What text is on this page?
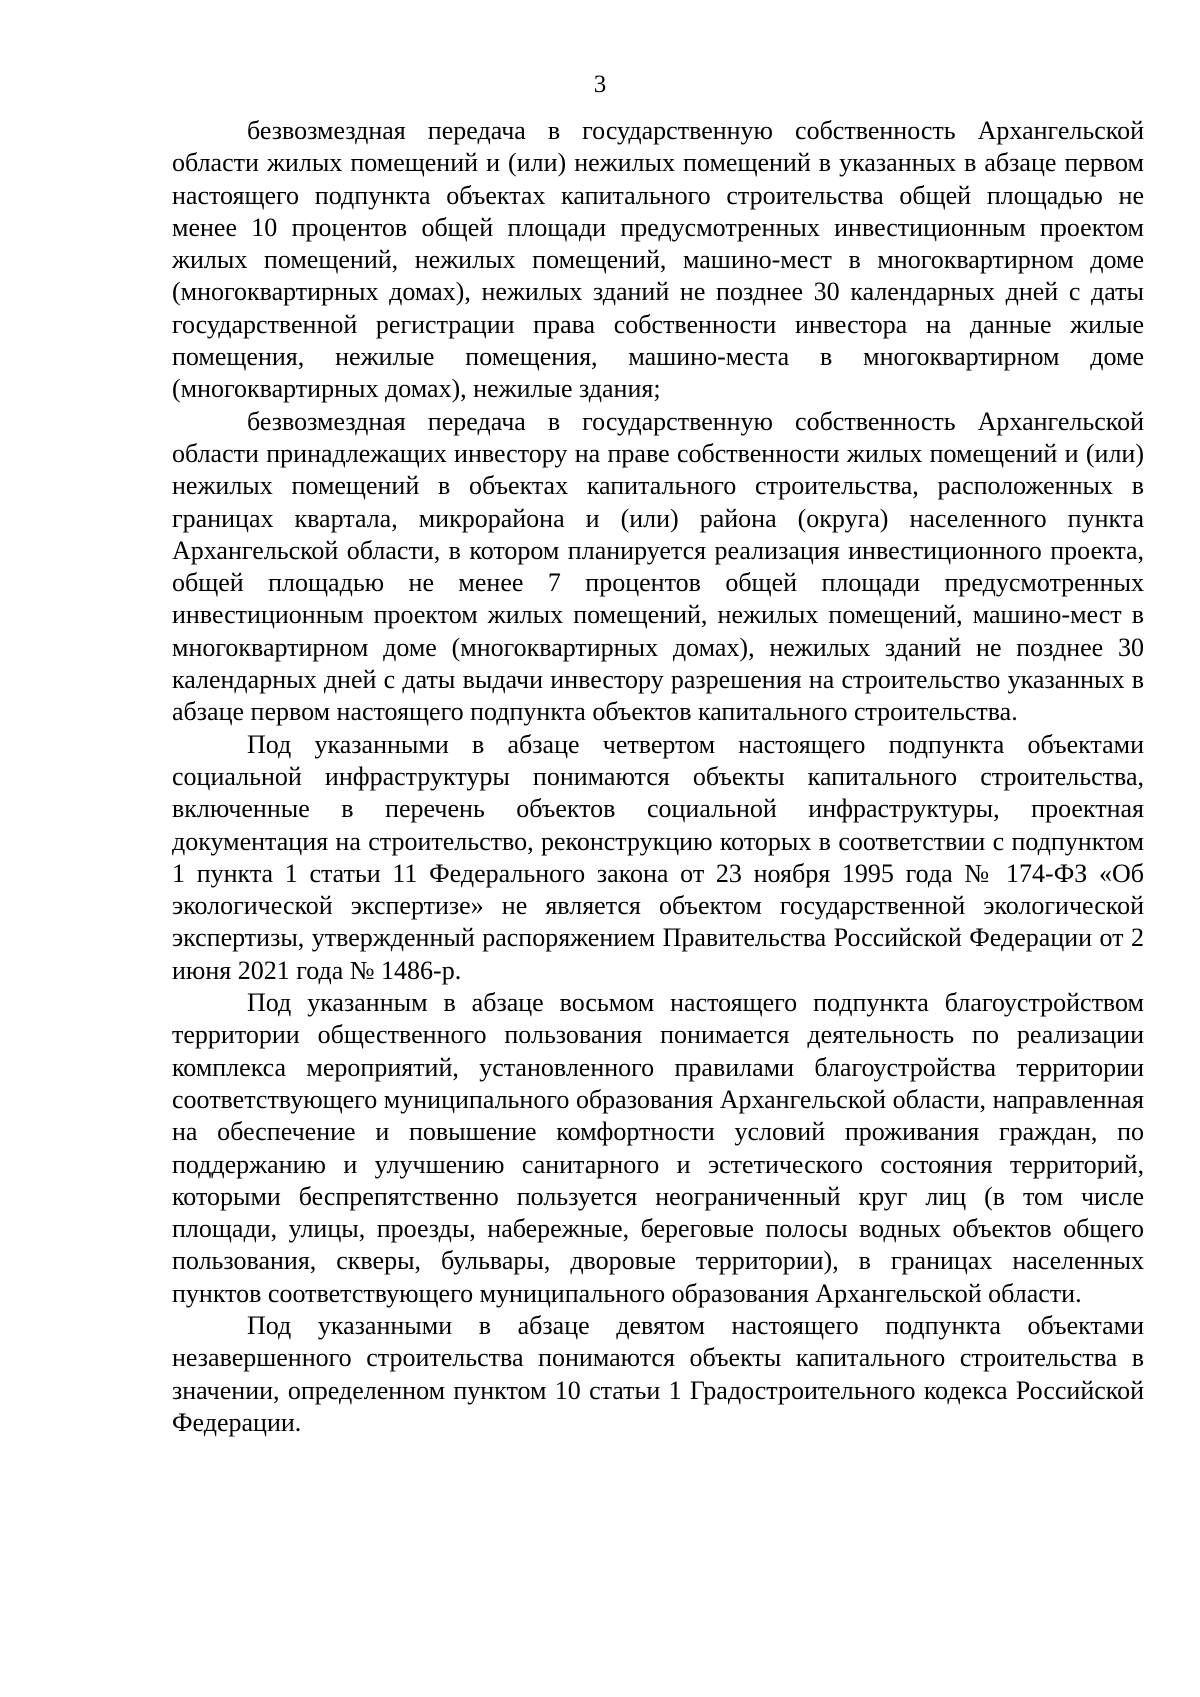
3

безвозмездная передача в государственную собственность Архангельской области жилых помещений и (или) нежилых помещений в указанных в абзаце первом настоящего подпункта объектах капитального строительства общей площадью не менее 10 процентов общей площади предусмотренных инвестиционным проектом жилых помещений, нежилых помещений, машино-мест в многоквартирном доме (многоквартирных домах), нежилых зданий не позднее 30 календарных дней с даты государственной регистрации права собственности инвестора на данные жилые помещения, нежилые помещения, машино-места в многоквартирном доме (многоквартирных домах), нежилые здания;

безвозмездная передача в государственную собственность Архангельской области принадлежащих инвестору на праве собственности жилых помещений и (или) нежилых помещений в объектах капитального строительства, расположенных в границах квартала, микрорайона и (или) района (округа) населенного пункта Архангельской области, в котором планируется реализация инвестиционного проекта, общей площадью не менее 7 процентов общей площади предусмотренных инвестиционным проектом жилых помещений, нежилых помещений, машино-мест в многоквартирном доме (многоквартирных домах), нежилых зданий не позднее 30 календарных дней с даты выдачи инвестору разрешения на строительство указанных в абзаце первом настоящего подпункта объектов капитального строительства.

Под указанными в абзаце четвертом настоящего подпункта объектами социальной инфраструктуры понимаются объекты капитального строительства, включенные в перечень объектов социальной инфраструктуры, проектная документация на строительство, реконструкцию которых в соответствии с подпунктом 1 пункта 1 статьи 11 Федерального закона от 23 ноября 1995 года № 174-ФЗ «Об экологической экспертизе» не является объектом государственной экологической экспертизы, утвержденный распоряжением Правительства Российской Федерации от 2 июня 2021 года № 1486-р.

Под указанным в абзаце восьмом настоящего подпункта благоустройством территории общественного пользования понимается деятельность по реализации комплекса мероприятий, установленного правилами благоустройства территории соответствующего муниципального образования Архангельской области, направленная на обеспечение и повышение комфортности условий проживания граждан, по поддержанию и улучшению санитарного и эстетического состояния территорий, которыми беспрепятственно пользуется неограниченный круг лиц (в том числе площади, улицы, проезды, набережные, береговые полосы водных объектов общего пользования, скверы, бульвары, дворовые территории), в границах населенных пунктов соответствующего муниципального образования Архангельской области.

Под указанными в абзаце девятом настоящего подпункта объектами незавершенного строительства понимаются объекты капитального строительства в значении, определенном пунктом 10 статьи 1 Градостроительного кодекса Российской Федерации.
